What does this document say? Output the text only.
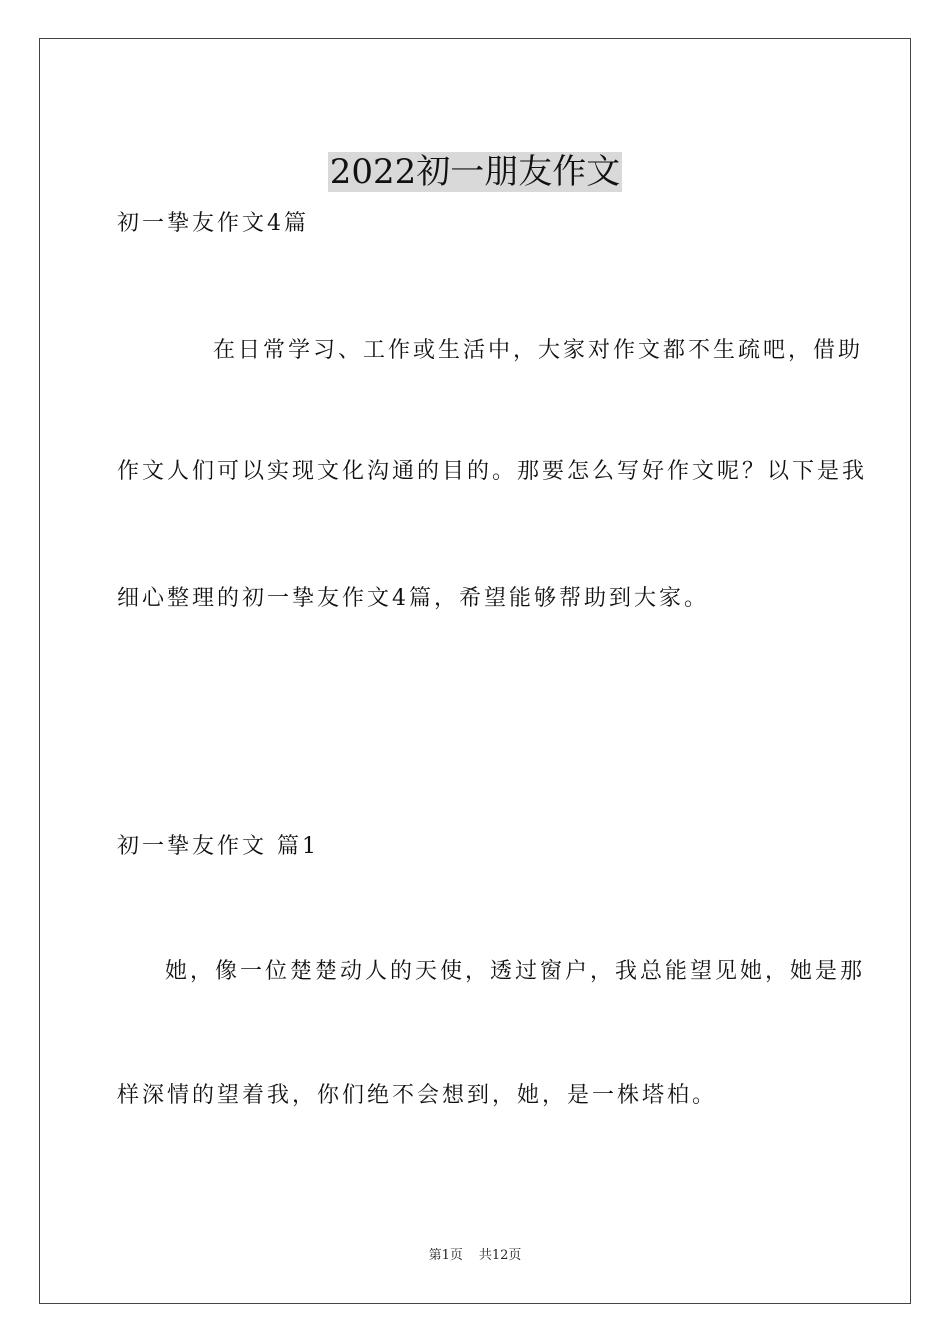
2022初一朋友作文
初一挚友作文4篇
在日常学习、工作或生活中，大家对作文都不生疏吧，借助
作文人们可以实现文化沟通的目的。那要怎么写好作文呢？以下是我
细心整理的初一挚友作文4篇，希望能够帮助到大家。
初一挚友作文 篇1
她，像一位楚楚动人的天使，透过窗户，我总能望见她，她是那
样深情的望着我，你们绝不会想到，她，是一株塔柏。
第1页 共12页
